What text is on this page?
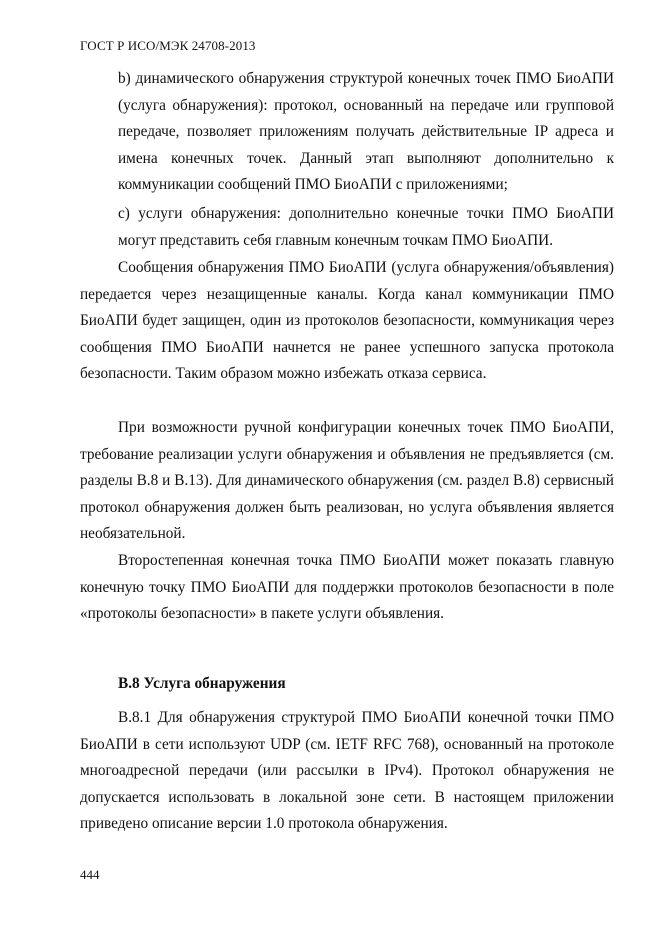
ГОСТ Р ИСО/МЭК 24708-2013
b) динамического обнаружения структурой конечных точек ПМО БиоАПИ (услуга обнаружения): протокол, основанный на передаче или групповой передаче, позволяет приложениям получать действительные IP адреса и имена конечных точек. Данный этап выполняют дополнительно к коммуникации сообщений ПМО БиоАПИ с приложениями;
c) услуги обнаружения: дополнительно конечные точки ПМО БиоАПИ могут представить себя главным конечным точкам ПМО БиоАПИ.
Сообщения обнаружения ПМО БиоАПИ (услуга обнаружения/объявления) передается через незащищенные каналы. Когда канал коммуникации ПМО БиоАПИ будет защищен, один из протоколов безопасности, коммуникация через сообщения ПМО БиоАПИ начнется не ранее успешного запуска протокола безопасности. Таким образом можно избежать отказа сервиса.
При возможности ручной конфигурации конечных точек ПМО БиоАПИ, требование реализации услуги обнаружения и объявления не предъявляется (см. разделы B.8 и B.13). Для динамического обнаружения (см. раздел B.8) сервисный протокол обнаружения должен быть реализован, но услуга объявления является необязательной.
Второстепенная конечная точка ПМО БиоАПИ может показать главную конечную точку ПМО БиоАПИ для поддержки протоколов безопасности в поле «протоколы безопасности» в пакете услуги объявления.
B.8 Услуга обнаружения
B.8.1 Для обнаружения структурой ПМО БиоАПИ конечной точки ПМО БиоАПИ в сети используют UDP (см. IETF RFC 768), основанный на протоколе многоадресной передачи (или рассылки в IPv4). Протокол обнаружения не допускается использовать в локальной зоне сети. В настоящем приложении приведено описание версии 1.0 протокола обнаружения.
444
